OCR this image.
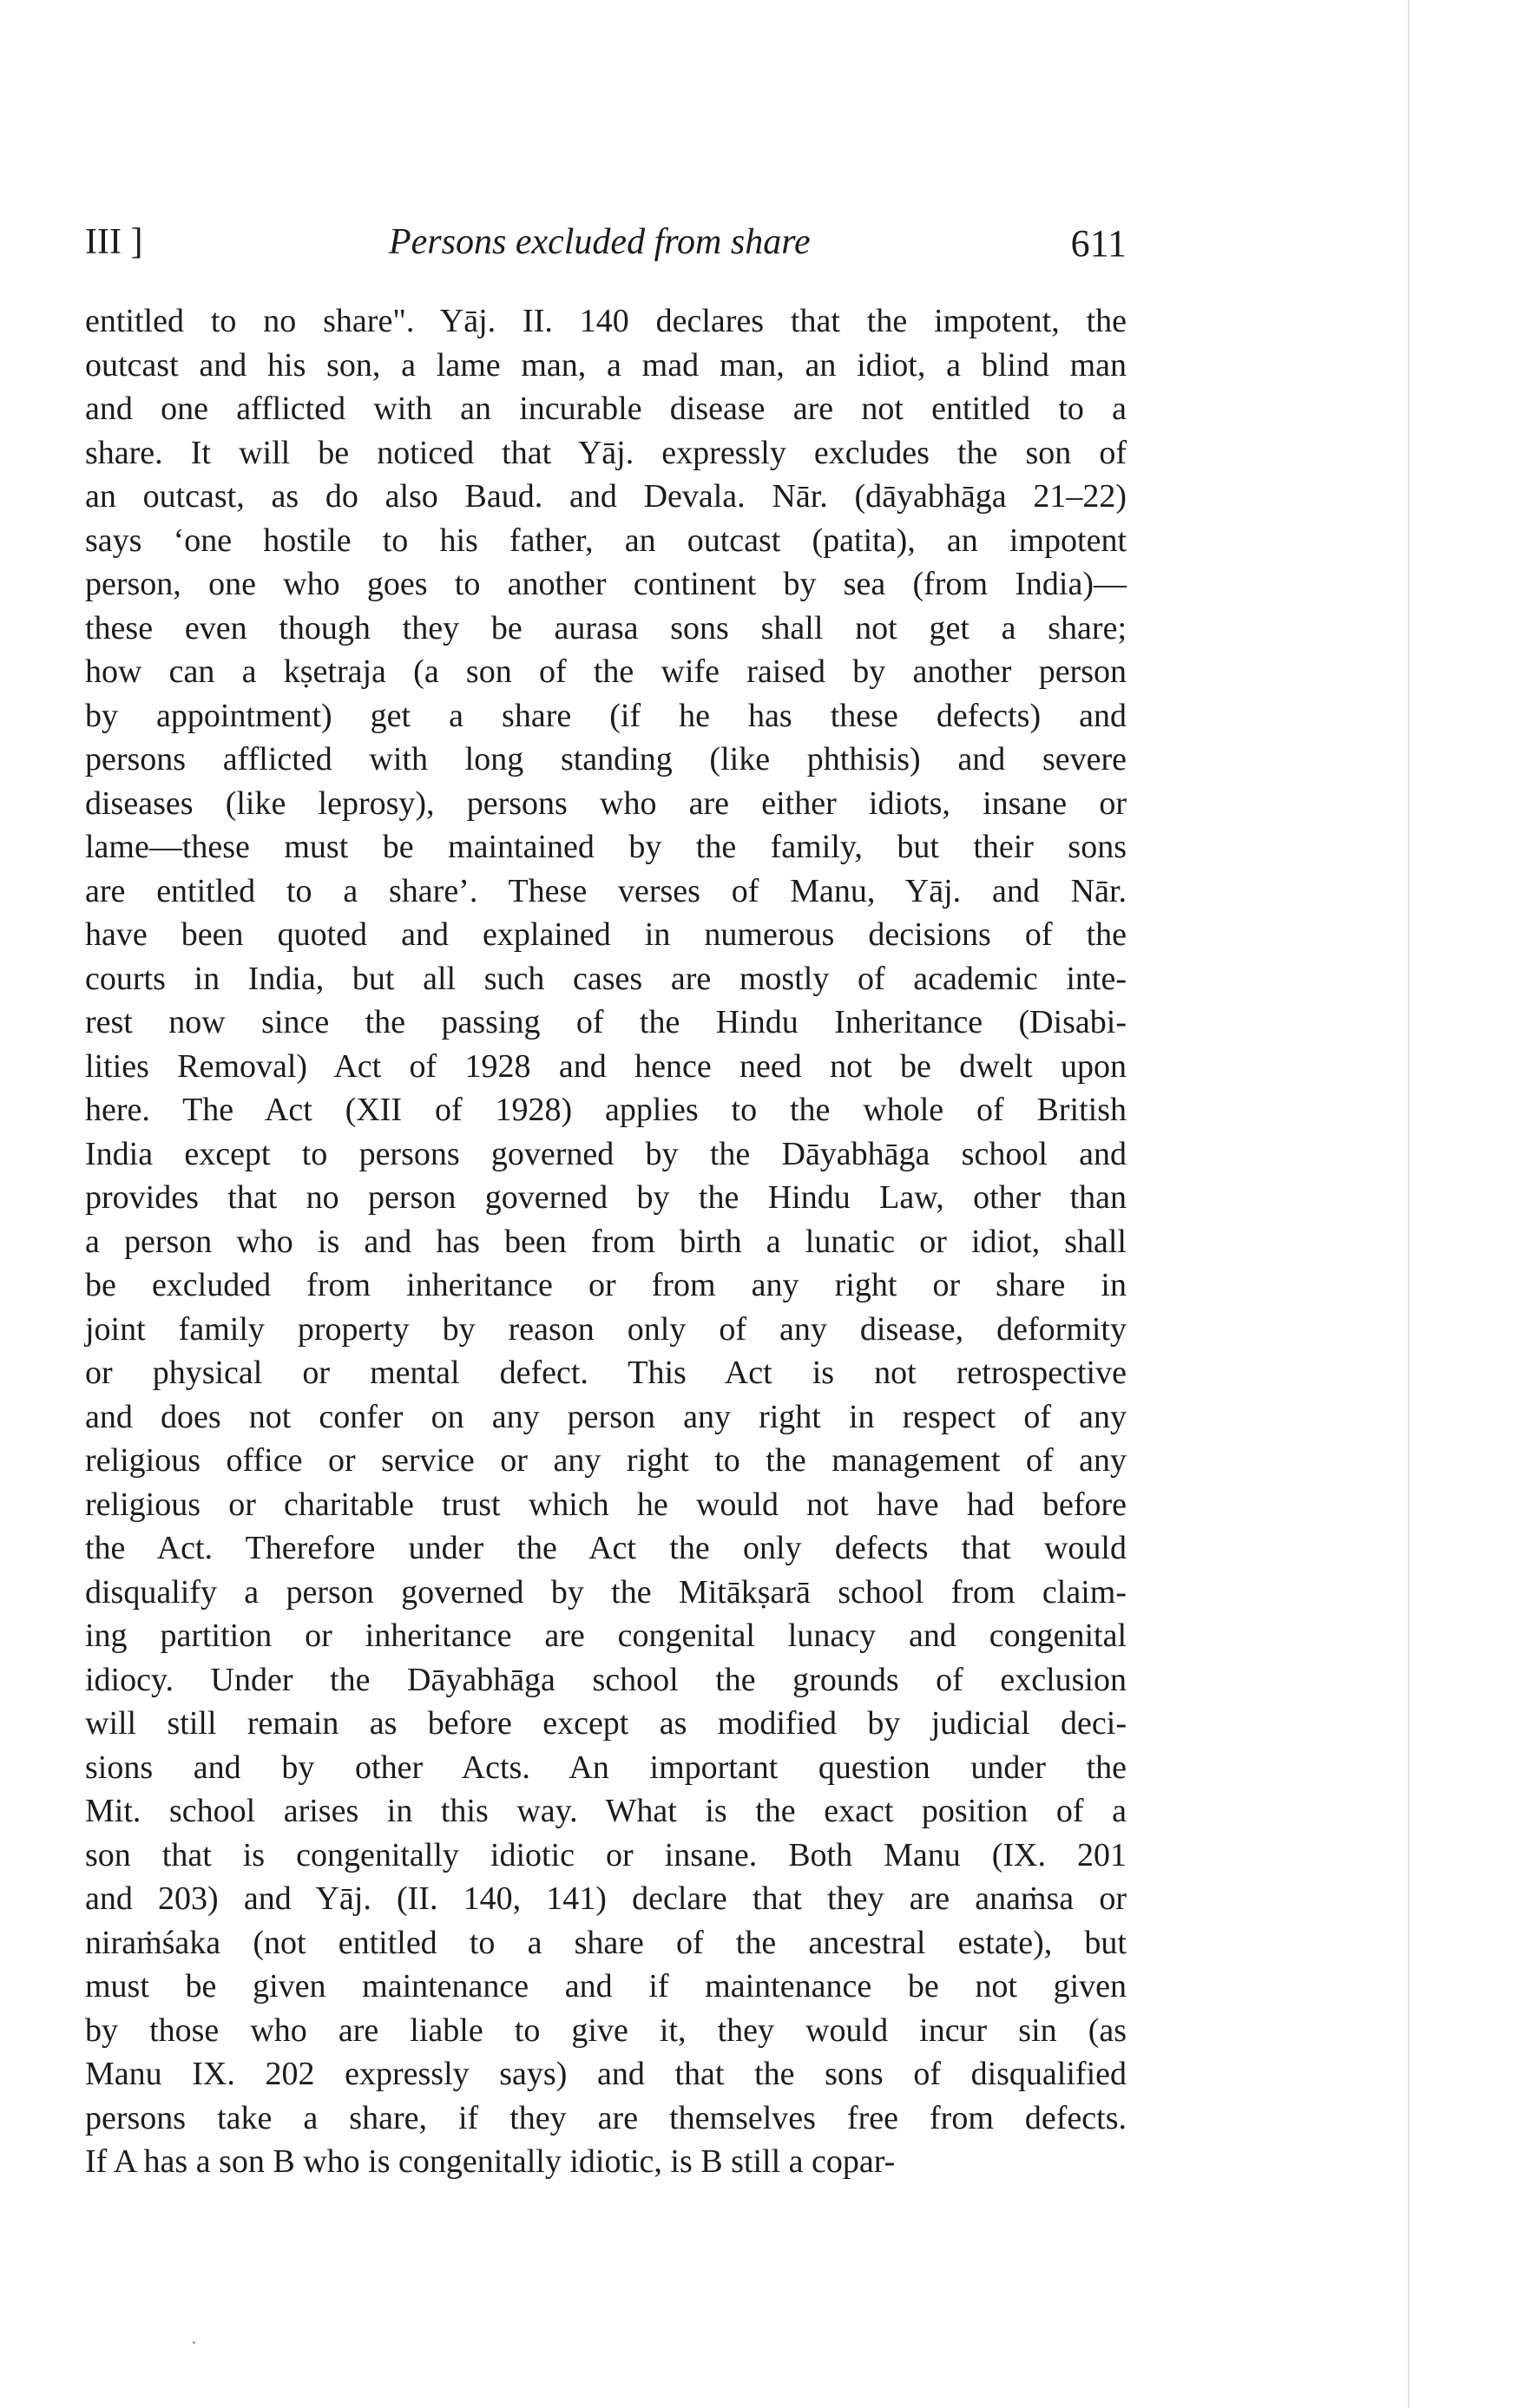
III ]	Persons excluded from share	611
entitled to no share". Yāj. II. 140 declares that the impotent, the
outcast and his son, a lame man, a mad man, an idiot, a blind man
and one afflicted with an incurable disease are not entitled to a
share. It will be noticed that Yāj. expressly excludes the son of
an outcast, as do also Baud. and Devala. Nār. (dāyabhāga 21–22)
says ‘one hostile to his father, an outcast (patita), an impotent
person, one who goes to another continent by sea (from India)—
these even though they be aurasa sons shall not get a share;
how can a kṣetraja (a son of the wife raised by another person
by appointment) get a share (if he has these defects) and
persons afflicted with long standing (like phthisis) and severe
diseases (like leprosy), persons who are either idiots, insane or
lame—these must be maintained by the family, but their sons
are entitled to a share’. These verses of Manu, Yāj. and Nār.
have been quoted and explained in numerous decisions of the
courts in India, but all such cases are mostly of academic inte-
rest now since the passing of the Hindu Inheritance (Disabi-
lities Removal) Act of 1928 and hence need not be dwelt upon
here. The Act (XII of 1928) applies to the whole of British
India except to persons governed by the Dāyabhāga school and
provides that no person governed by the Hindu Law, other than
a person who is and has been from birth a lunatic or idiot, shall
be excluded from inheritance or from any right or share in
joint family property by reason only of any disease, deformity
or physical or mental defect. This Act is not retrospective
and does not confer on any person any right in respect of any
religious office or service or any right to the management of any
religious or charitable trust which he would not have had before
the Act. Therefore under the Act the only defects that would
disqualify a person governed by the Mitākṣarā school from claim-
ing partition or inheritance are congenital lunacy and congenital
idiocy. Under the Dāyabhāga school the grounds of exclusion
will still remain as before except as modified by judicial deci-
sions and by other Acts. An important question under the
Mit. school arises in this way. What is the exact position of a
son that is congenitally idiotic or insane. Both Manu (IX. 201
and 203) and Yāj. (II. 140, 141) declare that they are anaṁsa or
niraṁśaka (not entitled to a share of the ancestral estate), but
must be given maintenance and if maintenance be not given
by those who are liable to give it, they would incur sin (as
Manu IX. 202 expressly says) and that the sons of disqualified
persons take a share, if they are themselves free from defects.
If A has a son B who is congenitally idiotic, is B still a copar-
